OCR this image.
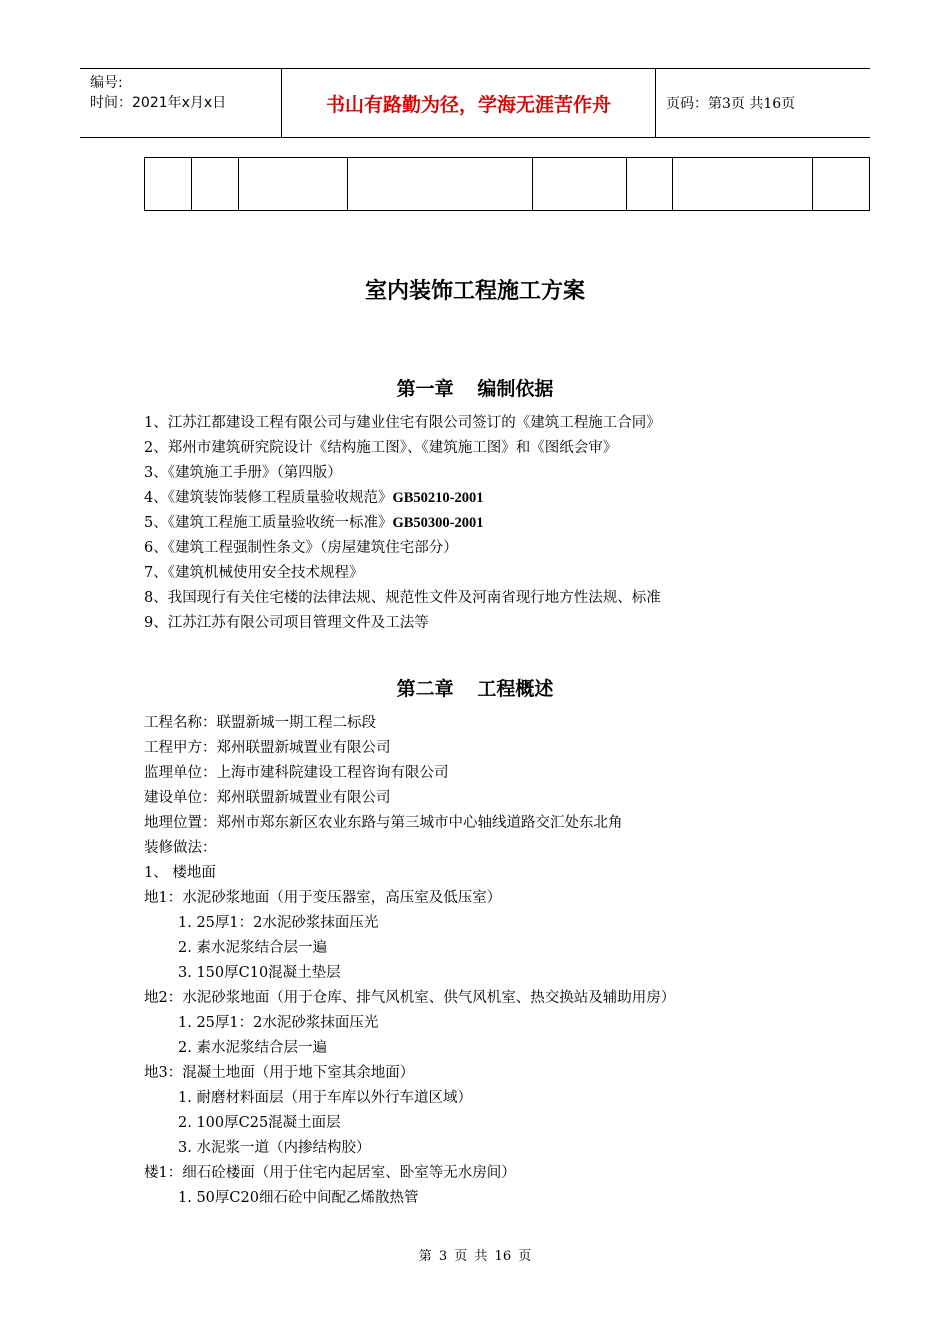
编号:
时间：2021年x月x日	书山有路勤为径，学海无涯苦作舟	页码：第3页 共16页

室内装饰工程施工方案
第一章 编制依据
1、江苏江都建设工程有限公司与建业住宅有限公司签订的《建筑工程施工合同》
2、郑州市建筑研究院设计《结构施工图》、《建筑施工图》和《图纸会审》
3、《建筑施工手册》（第四版）
4、《建筑装饰装修工程质量验收规范》GB50210-2001
5、《建筑工程施工质量验收统一标准》GB50300-2001
6、《建筑工程强制性条文》（房屋建筑住宅部分）
7、《建筑机械使用安全技术规程》
8、我国现行有关住宅楼的法律法规、规范性文件及河南省现行地方性法规、标准
9、江苏江苏有限公司项目管理文件及工法等
第二章 工程概述
工程名称：联盟新城一期工程二标段
工程甲方：郑州联盟新城置业有限公司
监理单位：上海市建科院建设工程咨询有限公司
建设单位：郑州联盟新城置业有限公司
地理位置：郑州市郑东新区农业东路与第三城市中心轴线道路交汇处东北角
装修做法：
1、 楼地面
地1：水泥砂浆地面（用于变压器室，高压室及低压室）
1. 25厚1：2水泥砂浆抹面压光
2. 素水泥浆结合层一遍
3. 150厚C10混凝土垫层
地2：水泥砂浆地面（用于仓库、排气风机室、供气风机室、热交换站及辅助用房）
1. 25厚1：2水泥砂浆抹面压光
2. 素水泥浆结合层一遍
地3：混凝土地面（用于地下室其余地面）
1. 耐磨材料面层（用于车库以外行车道区域）
2. 100厚C25混凝土面层
3. 水泥浆一道（内掺结构胶）
楼1：细石砼楼面（用于住宅内起居室、卧室等无水房间）
1. 50厚C20细石砼中间配乙烯散热管
第 3 页 共 16 页
